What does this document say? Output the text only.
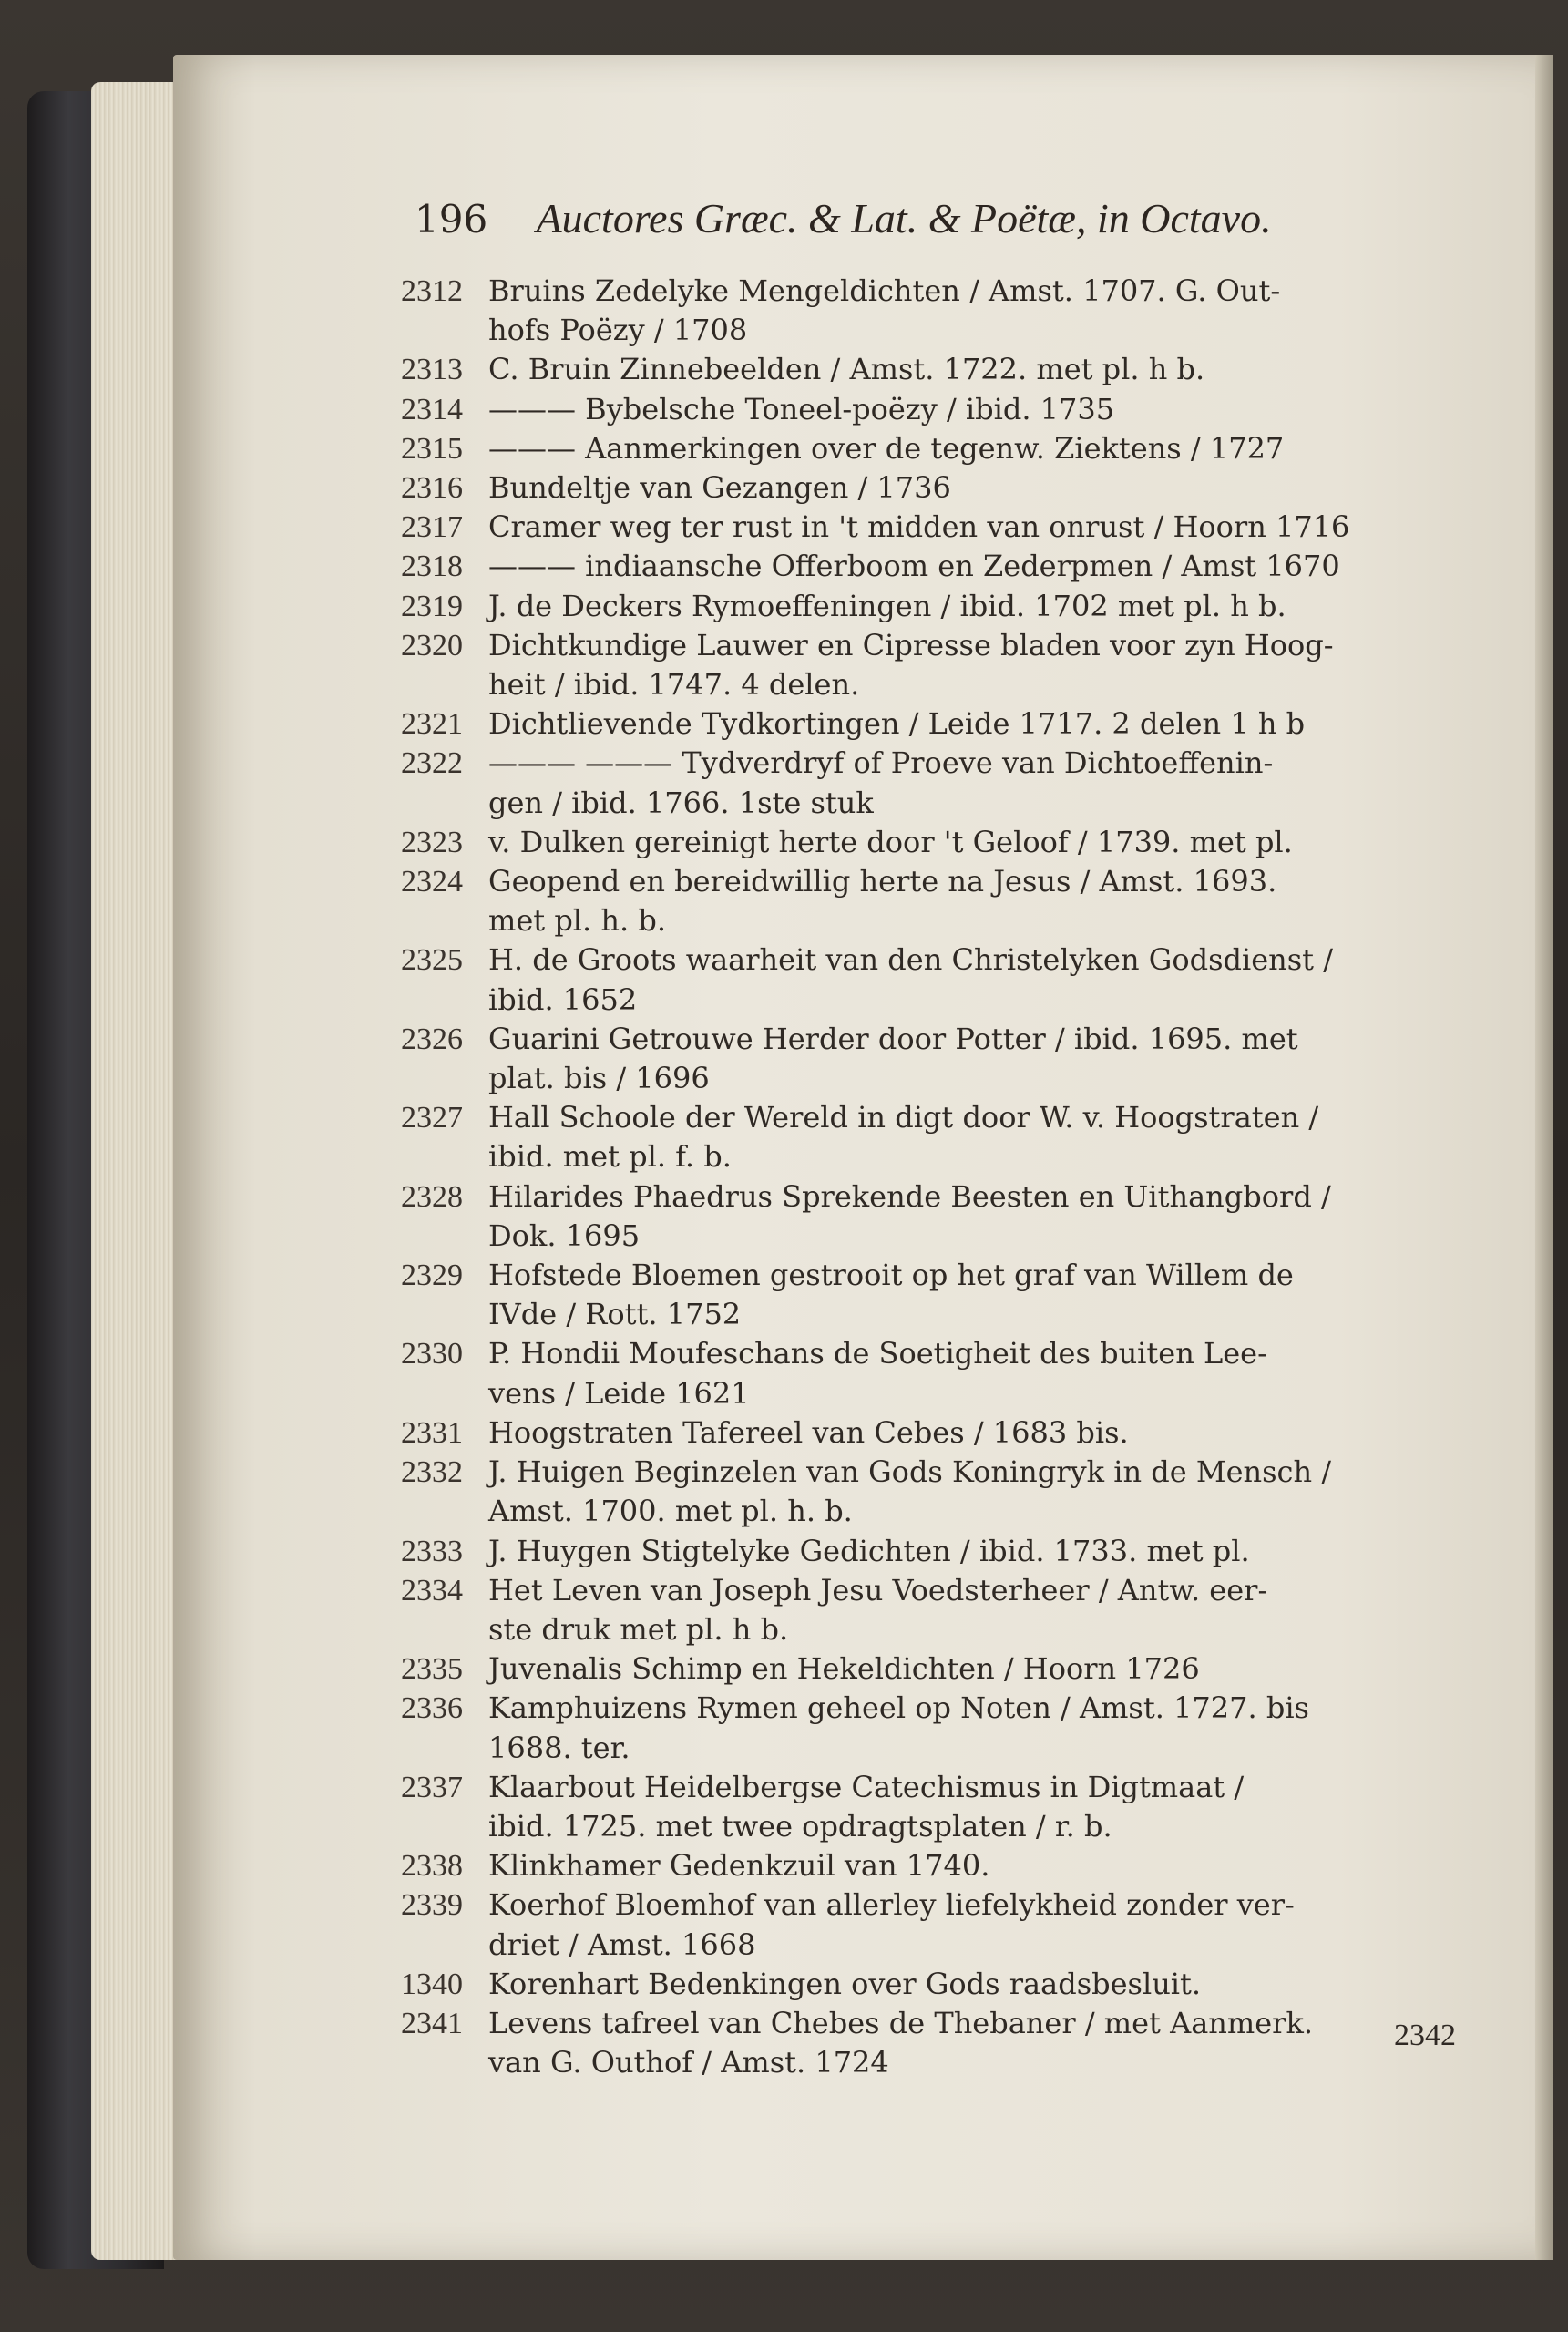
196 Auctores Græc. & Lat. & Poëtæ, in Octavo.
2312 Bruins Zedelyke Mengeldichten / Amst. 1707. G. Out-
hofs Poëzy / 1708
2313 C. Bruin Zinnebeelden / Amst. 1722. met pl. h b.
2314 ——— Bybelsche Toneel-poëzy / ibid. 1735
2315 ——— Aanmerkingen over de tegenw. Ziektens / 1727
2316 Bundeltje van Gezangen / 1736
2317 Cramer weg ter rust in 't midden van onrust / Hoorn 1716
2318 ——— indiaansche Offerboom en Zederpmen / Amst 1670
2319 J. de Deckers Rymoeffeningen / ibid. 1702 met pl. h b.
2320 Dichtkundige Lauwer en Cipresse bladen voor zyn Hoog-
heit / ibid. 1747. 4 delen.
2321 Dichtlievende Tydkortingen / Leide 1717. 2 delen 1 h b
2322 ——— ——— Tydverdryf of Proeve van Dichtoeffenin-
gen / ibid. 1766. 1ste stuk
2323 v. Dulken gereinigt herte door 't Geloof / 1739. met pl.
2324 Geopend en bereidwillig herte na Jesus / Amst. 1693.
met pl. h. b.
2325 H. de Groots waarheit van den Christelyken Godsdienst /
ibid. 1652
2326 Guarini Getrouwe Herder door Potter / ibid. 1695. met
plat. bis / 1696
2327 Hall Schoole der Wereld in digt door W. v. Hoogstraten /
ibid. met pl. f. b.
2328 Hilarides Phaedrus Sprekende Beesten en Uithangbord /
Dok. 1695
2329 Hofstede Bloemen gestrooit op het graf van Willem de
IVde / Rott. 1752
2330 P. Hondii Moufeschans de Soetigheit des buiten Lee-
vens / Leide 1621
2331 Hoogstraten Tafereel van Cebes / 1683 bis.
2332 J. Huigen Beginzelen van Gods Koningryk in de Mensch /
Amst. 1700. met pl. h. b.
2333 J. Huygen Stigtelyke Gedichten / ibid. 1733. met pl.
2334 Het Leven van Joseph Jesu Voedsterheer / Antw. eer-
ste druk met pl. h b.
2335 Juvenalis Schimp en Hekeldichten / Hoorn 1726
2336 Kamphuizens Rymen geheel op Noten / Amst. 1727. bis
1688. ter.
2337 Klaarbout Heidelbergse Catechismus in Digtmaat /
ibid. 1725. met twee opdragtsplaten / r. b.
2338 Klinkhamer Gedenkzuil van 1740.
2339 Koerhof Bloemhof van allerley liefelykheid zonder ver-
driet / Amst. 1668
1340 Korenhart Bedenkingen over Gods raadsbesluit.
2341 Levens tafreel van Chebes de Thebaner / met Aanmerk.
van G. Outhof / Amst. 1724
2342
